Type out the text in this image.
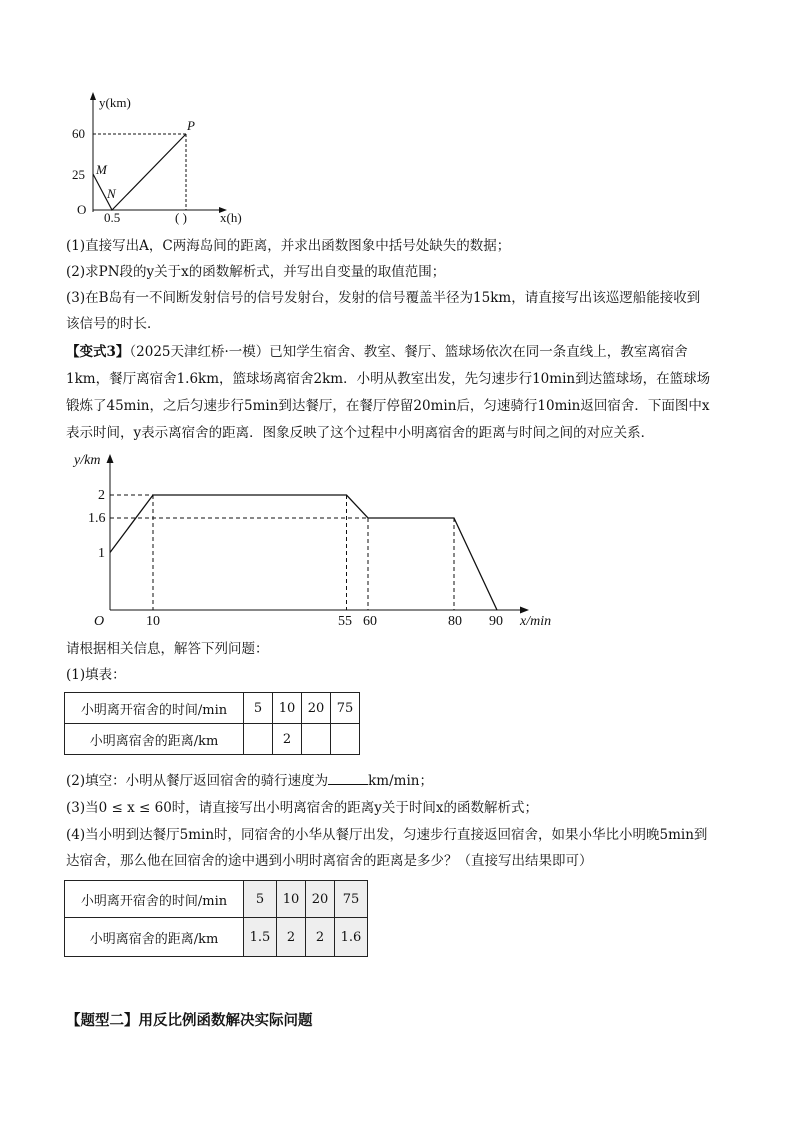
y(km)
x(h)
O
60
25
0.5	( )
P
M
N
(1)直接写出A，C两海岛间的距离，并求出函数图象中括号处缺失的数据；
(2)求PN段的y关于x的函数解析式，并写出自变量的取值范围；
(3)在B岛有一不间断发射信号的信号发射台，发射的信号覆盖半径为15km，请直接写出该巡逻船能接收到
该信号的时长．
【变式3】（2025天津红桥·一模）已知学生宿舍、教室、餐厅、篮球场依次在同一条直线上，教室离宿舍
1km，餐厅离宿舍1.6km，篮球场离宿舍2km．小明从教室出发，先匀速步行10min到达篮球场，在篮球场
锻炼了45min，之后匀速步行5min到达餐厅，在餐厅停留20min后，匀速骑行10min返回宿舍．下面图中x
表示时间，y表示离宿舍的距离．图象反映了这个过程中小明离宿舍的距离与时间之间的对应关系．
y/km
x/min
O
2
1.6
1
10	55 60	80 90
请根据相关信息，解答下列问题：
(1)填表：
小明离开宿舍的时间/min	5	10	20	75
小明离宿舍的距离/km		2		
(2)填空：小明从餐厅返回宿舍的骑行速度为	km/min；
(3)当0 ≤ x ≤ 60时，请直接写出小明离宿舍的距离y关于时间x的函数解析式；
(4)当小明到达餐厅5min时，同宿舍的小华从餐厅出发，匀速步行直接返回宿舍，如果小华比小明晚5min到
达宿舍，那么他在回宿舍的途中遇到小明时离宿舍的距离是多少？（直接写出结果即可）
小明离开宿舍的时间/min	5	10	20	75
小明离宿舍的距离/km	1.5	2	2	1.6
【题型二】用反比例函数解决实际问题
